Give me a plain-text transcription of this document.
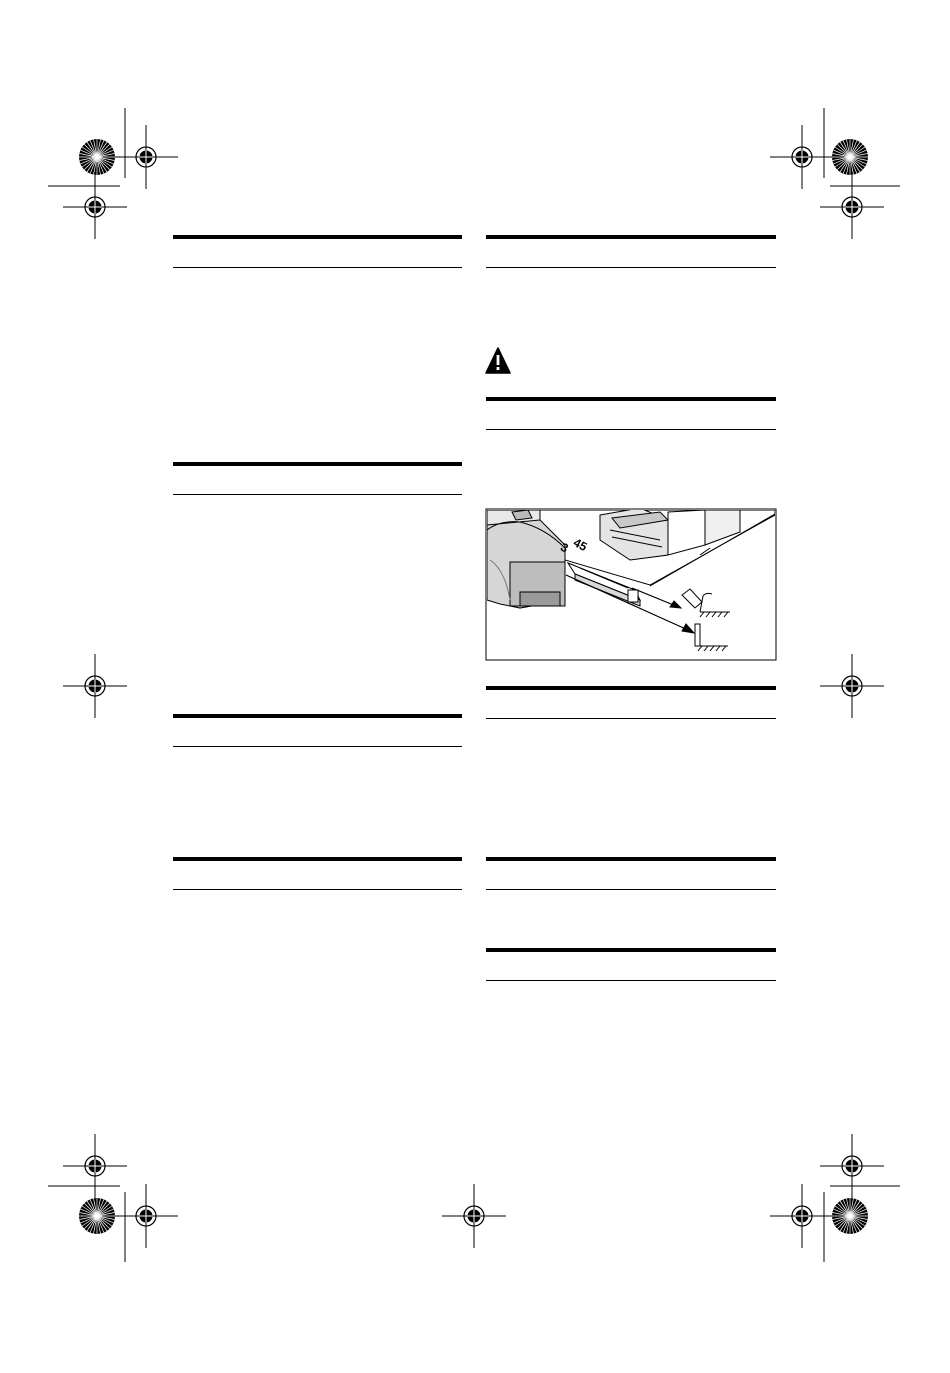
45
3
